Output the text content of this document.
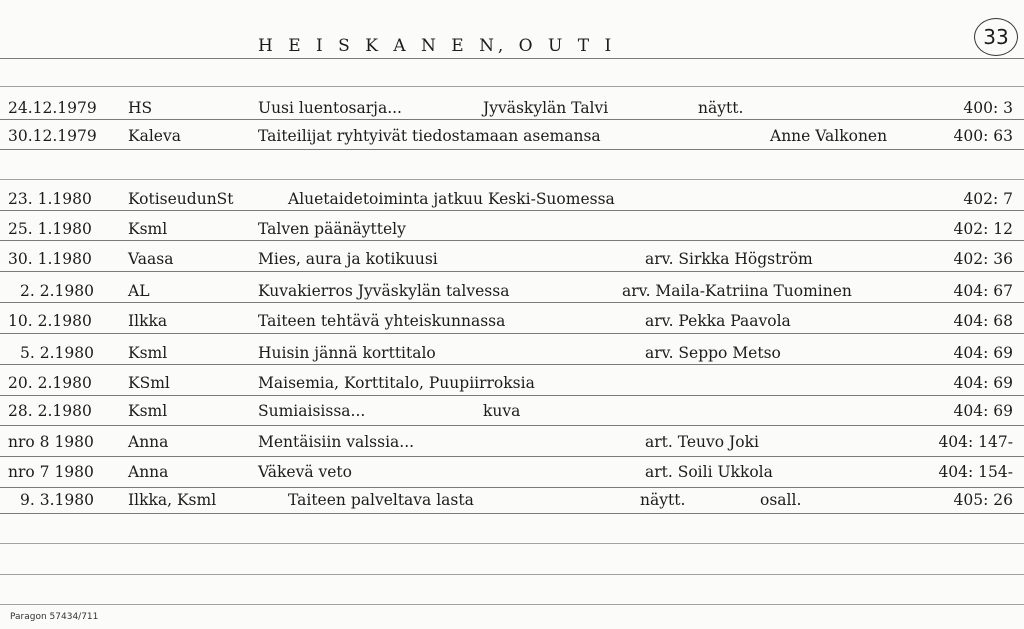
H E I S K A N E N, O U T I	33
24.12.1979 HS	Uusi luentosarja...	Jyväskylän Talvi	näytt.	400: 3
30.12.1979 Kaleva	Taiteilijat ryhtyivät tiedostamaan asemansa	Anne Valkonen	400: 63
23. 1.1980 KotiseudunSt	Aluetaidetoiminta jatkuu Keski-Suomessa	402: 7
25. 1.1980 Ksml	Talven päänäyttely	402: 12
30. 1.1980 Vaasa	Mies, aura ja kotikuusi	arv. Sirkka Högström	402: 36
2. 2.1980 AL	Kuvakierros Jyväskylän talvessa	arv. Maila-Katriina Tuominen	404: 67
10. 2.1980 Ilkka	Taiteen tehtävä yhteiskunnassa	arv. Pekka Paavola	404: 68
5. 2.1980 Ksml	Huisin jännä korttitalo	arv. Seppo Metso	404: 69
20. 2.1980 KSml	Maisemia, Korttitalo, Puupiirroksia	404: 69
28. 2.1980 Ksml	Sumiaisissa...	kuva	404: 69
nro 8 1980 Anna	Mentäisiin valssia...	art. Teuvo Joki	404: 147-
nro 7 1980 Anna	Väkevä veto	art. Soili Ukkola	404: 154-
9. 3.1980 Ilkka, Ksml	Taiteen palveltava lasta	näytt.	osall.	405: 26
Paragon 57434/711
